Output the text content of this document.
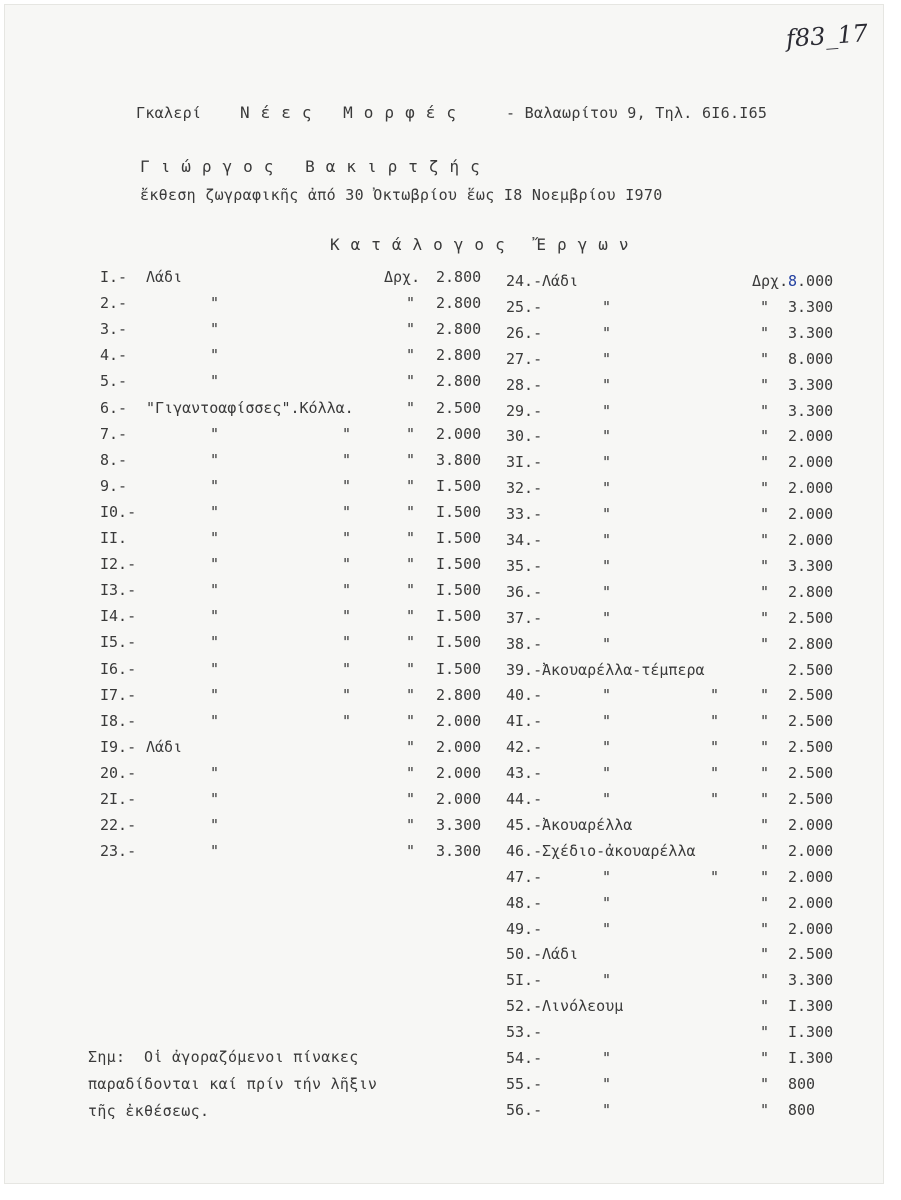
f83_17
Γκαλερί Νέες Μορφές	- Βαλαωρίτου 9, Τηλ. 6Ι6.Ι65
Γιώργος Βακιρτζής
ἔκθεση ζωγραφικῆς ἀπό 30 Ὀκτωβρίου ἕως Ι8 Νοεμβρίου Ι970
Κατάλογος Ἔργων
Ι.- Λάδι	Δρχ. 2.800
2.-	"	" 2.800
3.-	"	" 2.800
4.-	"	" 2.800
5.-	"	" 2.800
6.- "Γιγαντοαφίσσες".Κόλλα.	" 2.500
7.-	"	"	" 2.000
8.-	"	"	" 3.800
9.-	"	"	" Ι.500
Ι0.-	"	"	" Ι.500
ΙΙ.	"	"	" Ι.500
Ι2.-	"	"	" Ι.500
Ι3.-	"	"	" Ι.500
Ι4.-	"	"	" Ι.500
Ι5.-	"	"	" Ι.500
Ι6.-	"	"	" Ι.500
Ι7.-	"	"	" 2.800
Ι8.-	"	"	" 2.000
Ι9.- Λάδι	" 2.000
20.-	"	" 2.000
2Ι.-	"	" 2.000
22.-	"	" 3.300
23.-	"	" 3.300
24.- Λάδι	Δρχ. 8.000
25.-	"	" 3.300
26.-	"	" 3.300
27.-	"	" 8.000
28.-	"	" 3.300
29.-	"	" 3.300
30.-	"	" 2.000
3Ι.-	"	" 2.000
32.-	"	" 2.000
33.-	"	" 2.000
34.-	"	" 2.000
35.-	"	" 3.300
36.-	"	" 2.800
37.-	"	" 2.500
38.-	"	" 2.800
39.- Ἀκουαρέλλα-τέμπερα	2.500
40.-	"	"	" 2.500
4Ι.-	"	"	" 2.500
42.-	"	"	" 2.500
43.-	"	"	" 2.500
44.-	"	"	" 2.500
45.- Ἀκουαρέλλα	" 2.000
46.- Σχέδιο-ἀκουαρέλλα	" 2.000
47.-	"	"	" 2.000
48.-	"	" 2.000
49.-	"	" 2.000
50.- Λάδι	" 2.500
5Ι.-	"	" 3.300
52.- Λινόλεουμ	" Ι.300
53.-	" Ι.300
54.-	"	" Ι.300
55.-	"	" 800
56.-	"	" 800
Σημ:  Οἱ ἀγοραζόμενοι πίνακες
παραδίδονται καί πρίν τήν λῆξιν
τῆς ἐκθέσεως.
